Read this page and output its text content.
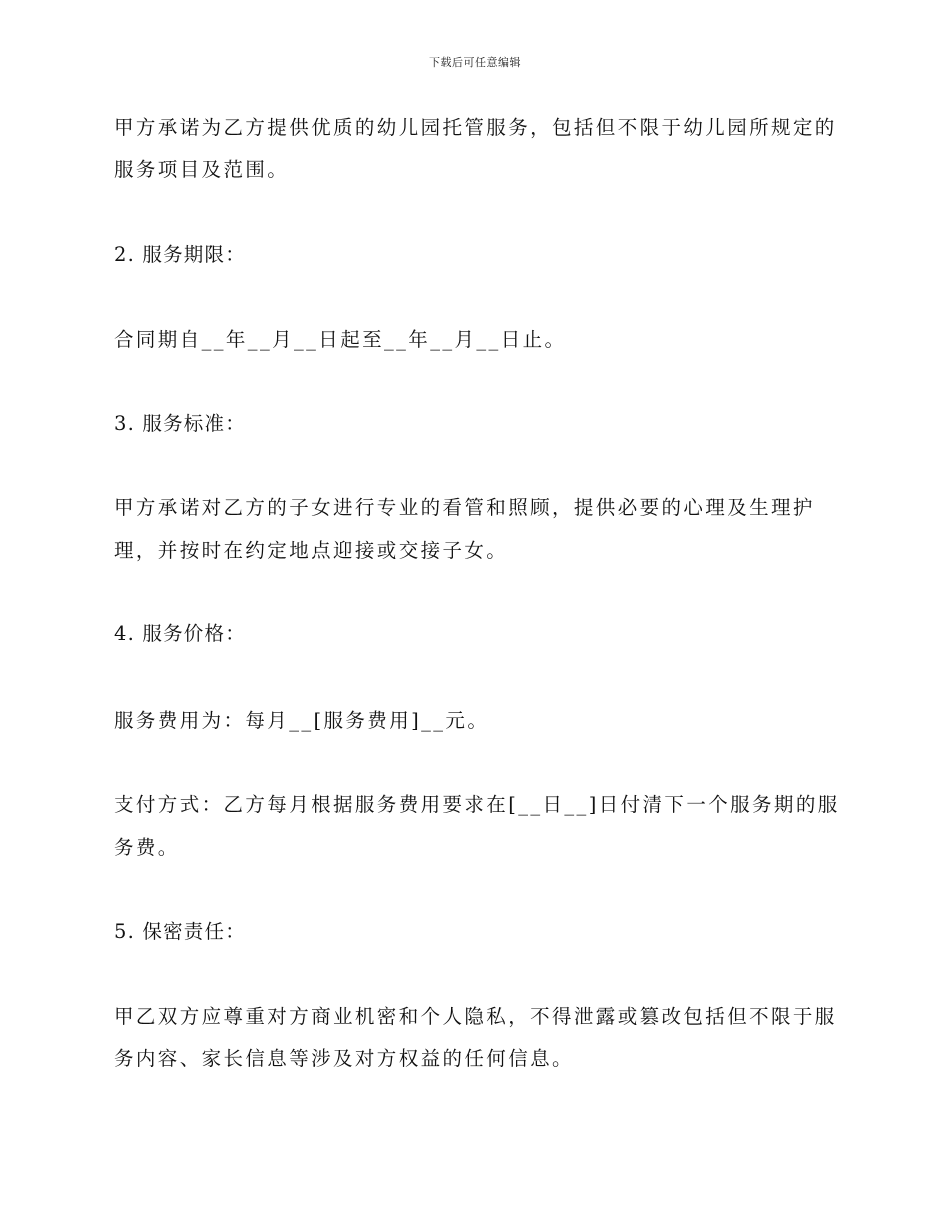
下载后可任意编辑
甲方承诺为乙方提供优质的幼儿园托管服务，包括但不限于幼儿园所规定的
服务项目及范围。
2. 服务期限：
合同期自__年__月__日起至__年__月__日止。
3. 服务标准：
甲方承诺对乙方的子女进行专业的看管和照顾，提供必要的心理及生理护
理，并按时在约定地点迎接或交接子女。
4. 服务价格：
服务费用为：每月__[服务费用]__元。
支付方式：乙方每月根据服务费用要求在[__日__]日付清下一个服务期的服
务费。
5. 保密责任：
甲乙双方应尊重对方商业机密和个人隐私，不得泄露或篡改包括但不限于服
务内容、家长信息等涉及对方权益的任何信息。
